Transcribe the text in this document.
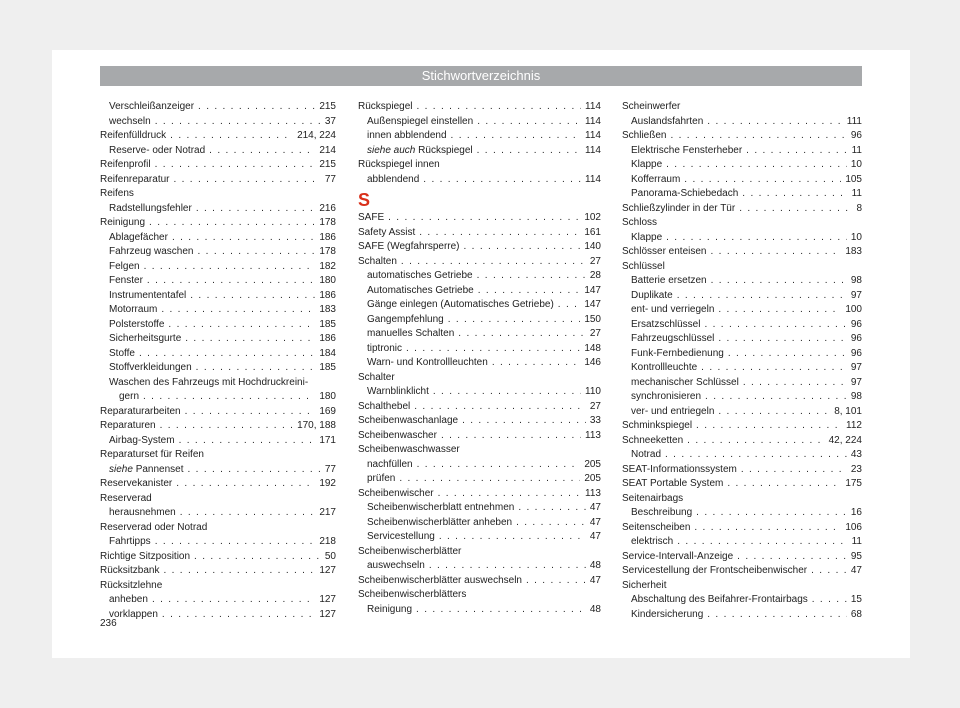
Stichwortverzeichnis
Verschleißanzeiger . . .	215
wechseln . . .	37
Reifenfülldruck . . .	214, 224
Reserve- oder Notrad . . .	214
Reifenprofil . . .	215
Reifenreparatur . . .	77
Reifens
Radstellungsfehler . . .	216
Reinigung . . .	178
Ablagefächer . . .	186
Fahrzeug waschen . . .	178
Felgen . . .	182
Fenster . . .	180
Instrumententafel . . .	186
Motorraum . . .	183
Polsterstoffe . . .	185
Sicherheitsgurte . . .	186
Stoffe . . .	184
Stoffverkleidungen . . .	185
Waschen des Fahrzeugs mit Hochdruckreini-
gern . . .	180
Reparaturarbeiten . . .	169
Reparaturen . . .	170, 188
Airbag-System . . .	171
Reparaturset für Reifen
siehe Pannenset . . .	77
Reservekanister . . .	192
Reserverad
herausnehmen . . .	217
Reserverad oder Notrad
Fahrtipps . . .	218
Richtige Sitzposition . . .	50
Rücksitzbank . . .	127
Rücksitzlehne
anheben . . .	127
vorklappen . . .	127
Rückspiegel . . .	114
Außenspiegel einstellen . . .	114
innen abblendend . . .	114
siehe auch Rückspiegel . . .	114
Rückspiegel innen
abblendend . . .	114
S
SAFE . . .	102
Safety Assist . . .	161
SAFE (Wegfahrsperre) . . .	140
Schalten . . .	27
automatisches Getriebe . . .	28
Automatisches Getriebe . . .	147
Gänge einlegen (Automatisches Getriebe) . . .	147
Gangempfehlung . . .	150
manuelles Schalten . . .	27
tiptronic . . .	148
Warn- und Kontrollleuchten . . .	146
Schalter
Warnblinklicht . . .	110
Schalthebel . . .	27
Scheibenwaschanlage . . .	33
Scheibenwascher . . .	113
Scheibenwaschwasser
nachfüllen . . .	205
prüfen . . .	205
Scheibenwischer . . .	113
Scheibenwischerblatt entnehmen . . .	47
Scheibenwischerblätter anheben . . .	47
Servicestellung . . .	47
Scheibenwischerblätter
auswechseln . . .	48
Scheibenwischerblätter auswechseln . . .	47
Scheibenwischerblätters
Reinigung . . .	48
Scheinwerfer
Auslandsfahrten . . .	111
Schließen . . .	96
Elektrische Fensterheber . . .	11
Klappe . . .	10
Kofferraum . . .	105
Panorama-Schiebedach . . .	11
Schließzylinder in der Tür . . .	8
Schloss
Klappe . . .	10
Schlösser enteisen . . .	183
Schlüssel
Batterie ersetzen . . .	98
Duplikate . . .	97
ent- und verriegeln . . .	100
Ersatzschlüssel . . .	96
Fahrzeugschlüssel . . .	96
Funk-Fernbedienung . . .	96
Kontrollleuchte . . .	97
mechanischer Schlüssel . . .	97
synchronisieren . . .	98
ver- und entriegeln . . .	8, 101
Schminkspiegel . . .	112
Schneeketten . . .	42, 224
Notrad . . .	43
SEAT-Informationssystem . . .	23
SEAT Portable System . . .	175
Seitenairbags
Beschreibung . . .	16
Seitenscheiben . . .	106
elektrisch . . .	11
Service-Intervall-Anzeige . . .	95
Servicestellung der Frontscheibenwischer . . .	47
Sicherheit
Abschaltung des Beifahrer-Frontairbags . . .	15
Kindersicherung . . .	68
236
